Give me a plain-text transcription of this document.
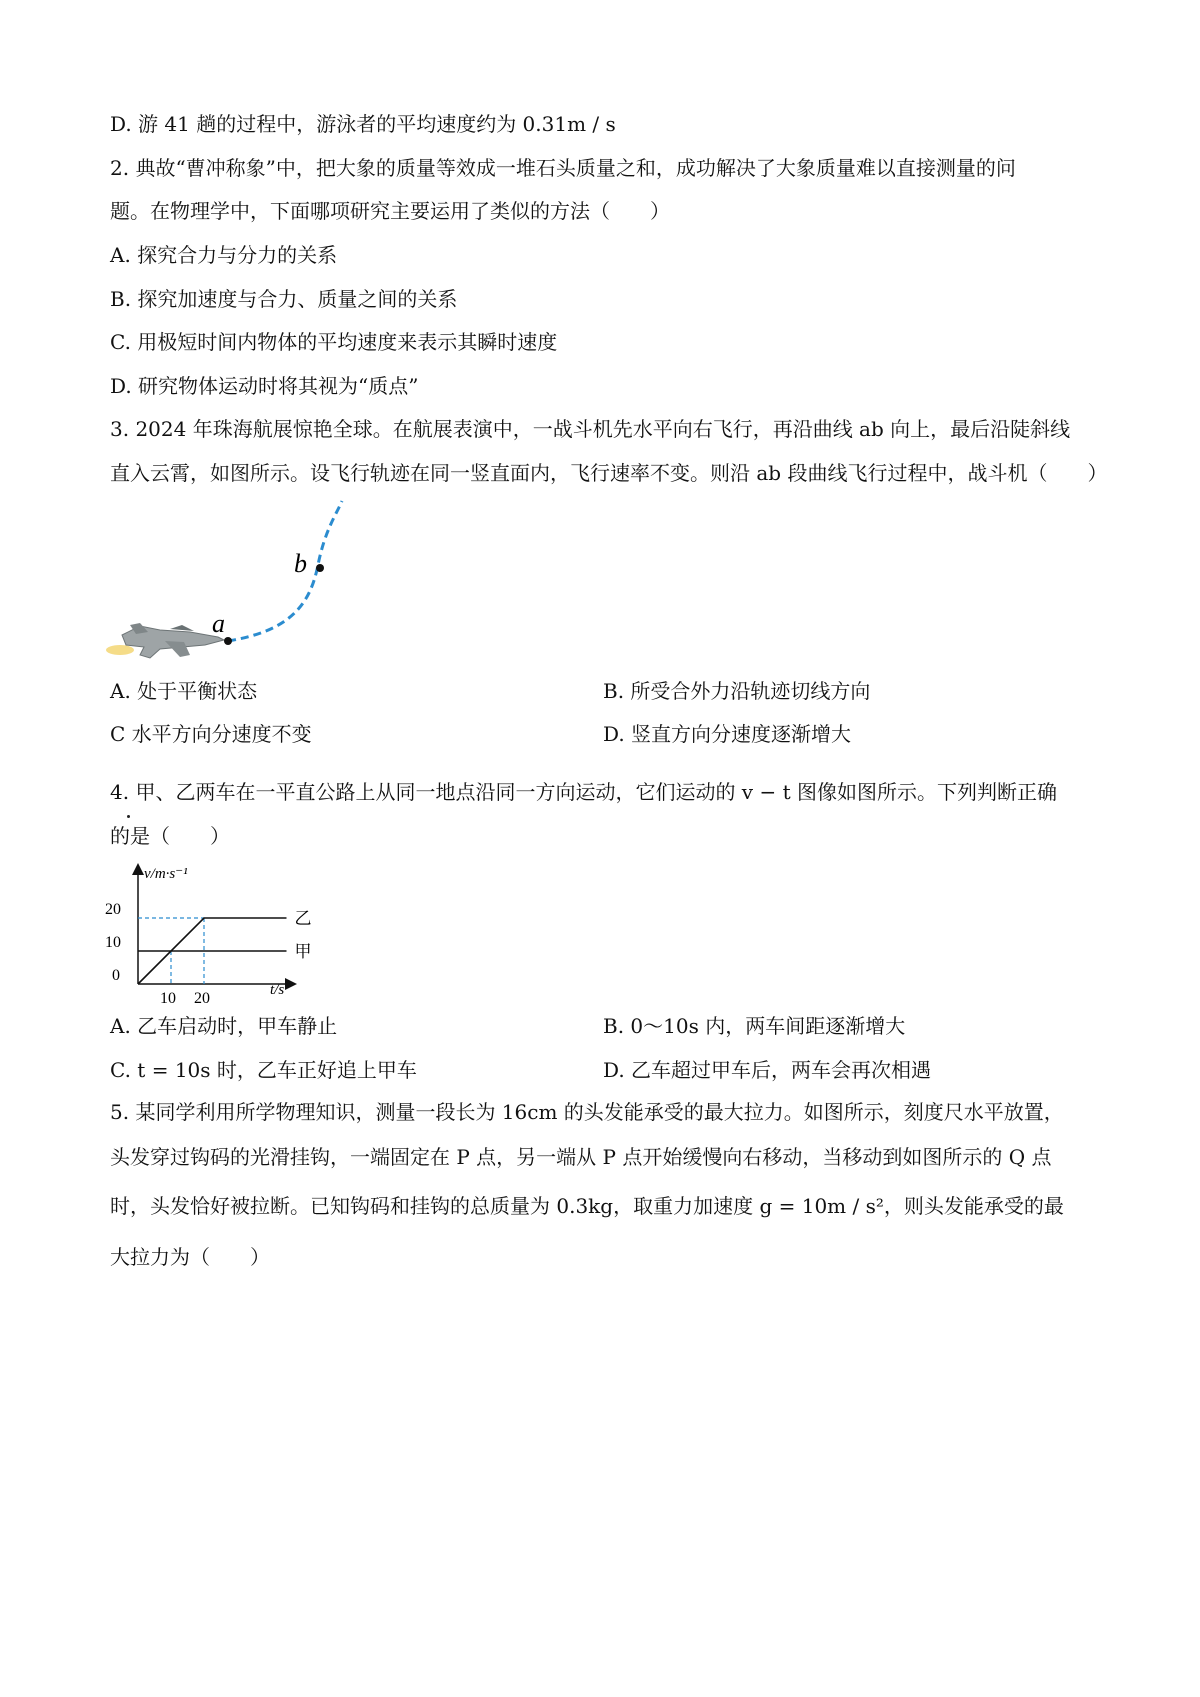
D. 游 41 趟的过程中，游泳者的平均速度约为 0.31m / s
2. 典故“曹冲称象”中，把大象的质量等效成一堆石头质量之和，成功解决了大象质量难以直接测量的问
题。在物理学中，下面哪项研究主要运用了类似的方法（　　）
A. 探究合力与分力的关系
B. 探究加速度与合力、质量之间的关系
C. 用极短时间内物体的平均速度来表示其瞬时速度
D. 研究物体运动时将其视为“质点”
3. 2024 年珠海航展惊艳全球。在航展表演中，一战斗机先水平向右飞行，再沿曲线 ab 向上，最后沿陡斜线
直入云霄，如图所示。设飞行轨迹在同一竖直面内，飞行速率不变。则沿 ab 段曲线飞行过程中，战斗机（　　）
a
b
A. 处于平衡状态	B. 所受合外力沿轨迹切线方向
C 水平方向分速度不变	D. 竖直方向分速度逐渐增大
4. 甲、乙两车在一平直公路上从同一地点沿同一方向运动，它们运动的 v − t 图像如图所示。下列判断正确
的是（　　）
v/m·s⁻¹
t/s
20
10
0
10 20
甲
乙
A. 乙车启动时，甲车静止	B. 0～10s 内，两车间距逐渐增大
C. t = 10s 时，乙车正好追上甲车	D. 乙车超过甲车后，两车会再次相遇
5. 某同学利用所学物理知识，测量一段长为 16cm 的头发能承受的最大拉力。如图所示，刻度尺水平放置，
头发穿过钩码的光滑挂钩，一端固定在 P 点，另一端从 P 点开始缓慢向右移动，当移动到如图所示的 Q 点
时，头发恰好被拉断。已知钩码和挂钩的总质量为 0.3kg，取重力加速度 g = 10m / s²，则头发能承受的最
大拉力为（　　）
